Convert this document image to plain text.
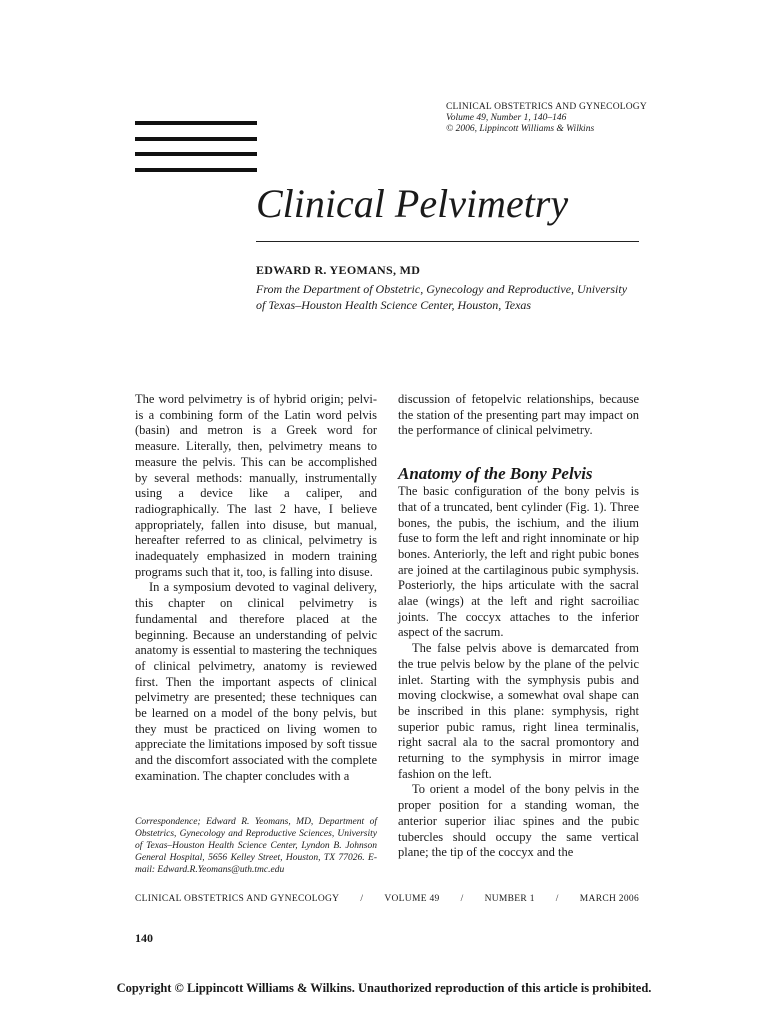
CLINICAL OBSTETRICS AND GYNECOLOGY
Volume 49, Number 1, 140–146
© 2006, Lippincott Williams & Wilkins
Clinical Pelvimetry
EDWARD R. YEOMANS, MD
From the Department of Obstetric, Gynecology and Reproductive, University of Texas–Houston Health Science Center, Houston, Texas

The word pelvimetry is of hybrid origin; pelvi- is a combining form of the Latin word pelvis (basin) and metron is a Greek word for measure. Literally, then, pelvimetry means to measure the pelvis. This can be accomplished by several methods: manually, instrumentally using a device like a caliper, and radiographically. The last 2 have, I believe appropriately, fallen into disuse, but manual, hereafter referred to as clinical, pelvimetry is inadequately emphasized in modern training programs such that it, too, is falling into disuse.

In a symposium devoted to vaginal delivery, this chapter on clinical pelvimetry is fundamental and therefore placed at the beginning. Because an understanding of pelvic anatomy is essential to mastering the techniques of clinical pelvimetry, anatomy is reviewed first. Then the important aspects of clinical pelvimetry are presented; these techniques can be learned on a model of the bony pelvis, but they must be practiced on living women to appreciate the limitations imposed by soft tissue and the discomfort associated with the complete examination. The chapter concludes with a

discussion of fetopelvic relationships, because the station of the presenting part may impact on the performance of clinical pelvimetry.

Anatomy of the Bony Pelvis

The basic configuration of the bony pelvis is that of a truncated, bent cylinder (Fig. 1). Three bones, the pubis, the ischium, and the ilium fuse to form the left and right innominate or hip bones. Anteriorly, the left and right pubic bones are joined at the cartilaginous pubic symphysis. Posteriorly, the hips articulate with the sacral alae (wings) at the left and right sacroiliac joints. The coccyx attaches to the inferior aspect of the sacrum.

The false pelvis above is demarcated from the true pelvis below by the plane of the pelvic inlet. Starting with the symphysis pubis and moving clockwise, a somewhat oval shape can be inscribed in this plane: symphysis, right superior pubic ramus, right linea terminalis, right sacral ala to the sacral promontory and returning to the symphysis in mirror image fashion on the left.

To orient a model of the bony pelvis in the proper position for a standing woman, the anterior superior iliac spines and the pubic tubercles should occupy the same vertical plane; the tip of the coccyx and the

Correspondence; Edward R. Yeomans, MD, Department of Obstetrics, Gynecology and Reproductive Sciences, University of Texas–Houston Health Science Center, Lyndon B. Johnson General Hospital, 5656 Kelley Street, Houston, TX 77026. E-mail: Edward.R.Yeomans@uth.tmc.edu
CLINICAL OBSTETRICS AND GYNECOLOGY / VOLUME 49 / NUMBER 1 / MARCH 2006
140
Copyright © Lippincott Williams & Wilkins. Unauthorized reproduction of this article is prohibited.
